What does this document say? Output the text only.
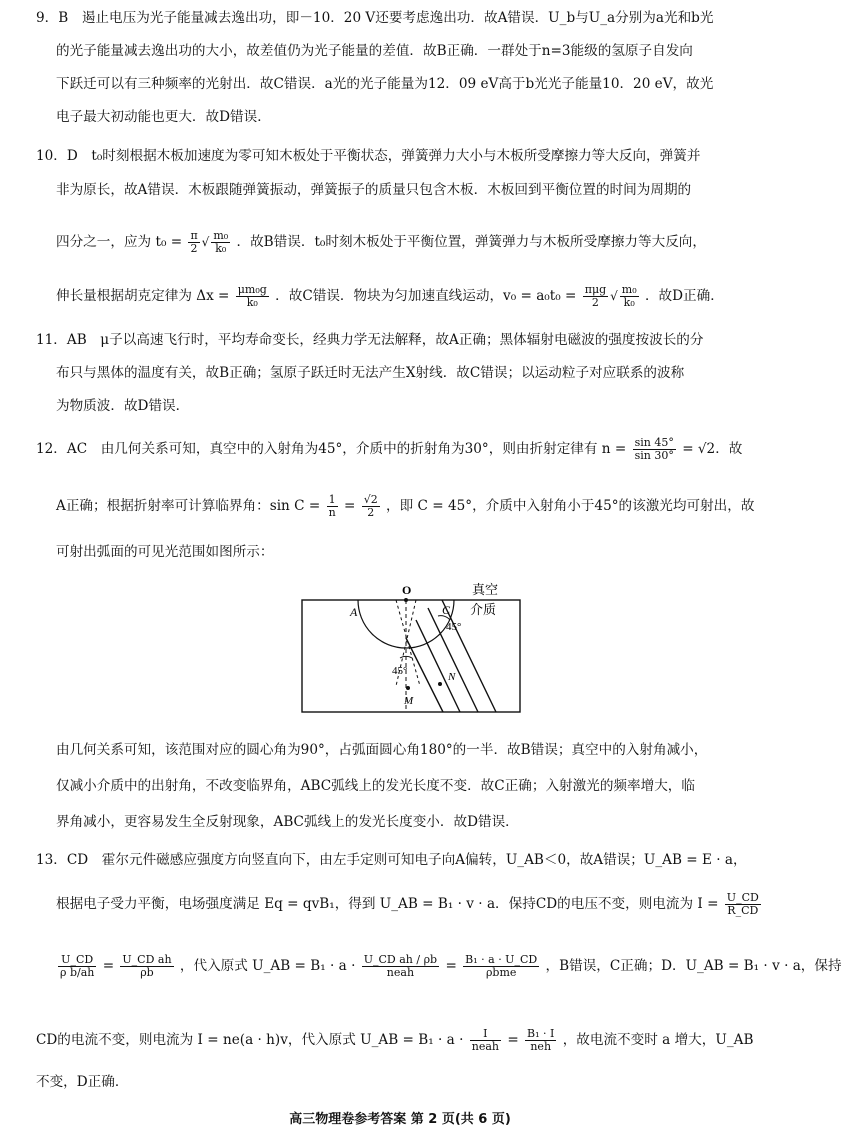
9．B　遏止电压为光子能量减去逸出功，即－10．20 V还要考虑逸出功．故A错误．U_b与U_a分别为a光和b光
的光子能量减去逸出功的大小，故差值仍为光子能量的差值．故B正确．一群处于n=3能级的氢原子自发向
下跃迁可以有三种频率的光射出．故C错误．a光的光子能量为12．09 eV高于b光光子能量10．20 eV，故光
电子最大初动能也更大．故D错误．
10．D　t₀时刻根据木板加速度为零可知木板处于平衡状态，弹簧弹力大小与木板所受摩擦力等大反向，弹簧并
非为原长，故A错误．木板跟随弹簧振动，弹簧振子的质量只包含木板．木板回到平衡位置的时间为周期的
四分之一，应为 $t_0 = \frac{\pi}{2}$ √ $\frac{\text{m₀}}{\text{k₀}}$ ．故B错误．t₀时刻木板处于平衡位置，弹簧弹力与木板所受摩擦力等大反向，
伸长量根据胡克定律为 $\Delta x = \frac{\text{μm₀g}}{\text{k₀}}$ ．故C错误．物块为匀加速直线运动，$v_0 = a_0t_0 = \frac{\text{πμg}}{2}$ √ $\frac{\text{m₀}}{\text{k₀}}$ ．故D正确．
11．AB　μ子以高速飞行时，平均寿命变长，经典力学无法解释，故A正确；黑体辐射电磁波的强度按波长的分
布只与黑体的温度有关，故B正确；氢原子跃迁时无法产生X射线．故C错误；以运动粒子对应联系的波称
为物质波．故D错误．
12．AC　由几何关系可知，真空中的入射角为45°，介质中的折射角为30°，则由折射定律有 $n = \frac{\sin 45^\circ}{\sin 30^\circ} = √2$．故
A正确；根据折射率可计算临界角：$\sin C = \frac{1}{n} = \frac{√2}{2}$ ，即 C = 45°，介质中入射角小于45°的该激光均可射出，故
可射出弧面的可见光范围如图所示：
O
A	C
M
N
真空
介质
45°
45°
由几何关系可知，该范围对应的圆心角为90°，占弧面圆心角180°的一半．故B错误；真空中的入射角减小，
仅减小介质中的出射角，不改变临界角，ABC弧线上的发光长度不变．故C正确；入射激光的频率增大，临
界角减小，更容易发生全反射现象，ABC弧线上的发光长度变小．故D错误．
13．CD　霍尔元件磁感应强度方向竖直向下，由左手定则可知电子向A偏转，U_AB＜0，故A错误；U_AB = E · a，
根据电子受力平衡，电场强度满足 Eq = qvB₁，得到 U_AB = B₁ · v · a．保持CD的电压不变，则电流为 $I = \frac{U\_CD}{R\_CD}$
$\frac{U\_CD}{\text{ρ b/ah}} = \frac{\text{U\_CD ah}}{\rho b}$ ，代入原式 U_AB = $B_1 \cdot a \cdot \frac{\text{U\_CD ah / ρb}}{\text{neah}} = \frac{\text{B₁ · a · U\_CD}}{\text{ρbme}}$ ，B错误，C正确；D．U_AB = B₁ · v · a，保持
CD的电流不变，则电流为 I = ne(a · h)v，代入原式 U_AB = $B_1 \cdot a \cdot \frac{I}{\text{neah}} = \frac{\text{B₁ · I}}{\text{neh}}$ ，故电流不变时 a 增大，U_AB
不变，D正确．
高三物理卷参考答案 第 2 页(共 6 页)
